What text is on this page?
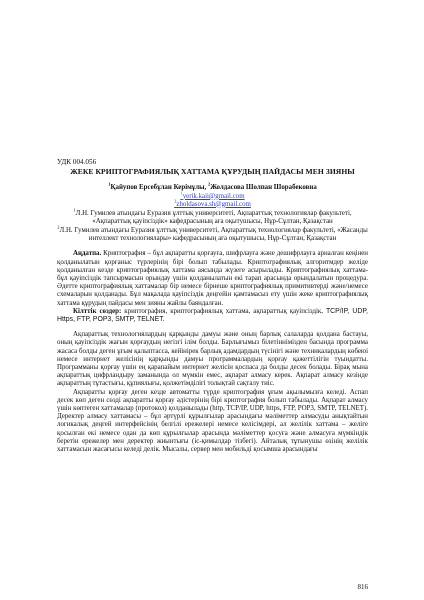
УДК 004.056
ЖЕКЕ КРИПТОГРАФИЯЛЫҚ ХАТТАМА ҚҰРУДЫҢ ПАЙДАСЫ МЕН ЗИЯНЫ
$^1$Қайупов Ерсебұлан Керімұлы, $^2$Жолдасова Шолпан Шорабековна
$^1$yerik.kaii@gmail.com
$^2$zholdasova.sh@gmail.com
$^1$Л.Н. Гумилев атындағы Еуразия ұлттық университеті, Ақпараттық технологиялар факультеті, «Ақпараттық қауіпсіздік» кафедрасының аға оқытушысы, Нұр-Сұлтан, Қазақстан
$^2$Л.Н. Гумилев атындағы Еуразия ұлттық университеті, Ақпараттық технологиялар факультеті, «Жасанды интеллект технологиялары» кафедрасының аға оқытушысы, Нұр-Сұлтан, Қазақстан
Аңдатпа. Криптография – бұл ақпаратты қорғауға, шифрлауға және дешифрлауға арналған кеңінен қолданылатын қорғаныс түрлерінің бірі болып табылады. Криптографиялық алгоритмдер желіде қолданылған кезде криптографиялық хаттама аясында жүзеге асырылады. Криптографиялық хаттама-бұл қауіпсіздік тапсырмасын орындау үшін қолданылатын екі тарап арасында орындалатын процедура. Әдетте криптографиялық хаттамалар бір немесе бірнеше криптографиялық примитивтерді және/немесе схемаларын қолданады. Бұл мақалада қауіпсіздік деңгейін қамтамасыз ету үшін жеке криптографиялық хаттама құрудың пайдасы мен зияны жайлы баяндалған.
Кілттік сөздер: криптография, криптографиялық хаттама, ақпараттық қауіпсіздік, TCP/IP, UDP, Https, FTP, POP3, SMTP, TELNET.
Ақпараттық технологиялардың қарқынды дамуы және оның барлық салаларда қолдана бастауы, оның қауіпсіздік жағын қорғаудың негізгі ілім болды. Барлығымыз білетіннімізден басында программа жасаса болды деген ұғым қалыптасса, кейінірек барлық адамдардың түсінігі және техникалардың көбеюі немесе интернет желісінің қарқынды дамуы программалардың қорғау қажеттілігін туындатты. Программаны қорғау үшін ең қарапайым интернет желісін қоспаса да болды десек болады. Бірақ мына ақпараттық цифрландыру заманында ол мүмкін емес, ақпарат алмасу керек. Ақпарат алмасу кезінде ақпараттың тұтастығы, құпиялығы, қолжетімділігі толықтай сақталу тиіс.
Ақпаратты қорғау деген кезде автоматты түрде криптография ұғым ақылымызға келеді. Аспап десек көп деген сөзді ақпаратты қорғау әдістерінің бірі криптография болып табылады. Ақпарат алмасу үшін көптеген хаттамалар (протокол) қолданылады (http, TCP/IP, UDP, https, FTP, POP3, SMTP, TELNET). Деректер алмасу хаттамасы – бұл әртүрлі құрылғылар арасындағы мәліметтер алмасуды анықтайтын логикалық деңгей интерфейсінің белгілі ережелері немесе келісімдері, ал желілік хаттама – желіге қосылған екі немесе одан да көп құрылғылар арасында мәліметтер қосуға және алмасуға мүмкіндік беретін ережелер мен деректер жиынтығы (іс-қимылдар тізбегі). Айталық тұтынушы өзінің желілік хаттамасын жасағысы келеді делік. Мысалы, сервер мен мобильді қосымша арасындағы
816
